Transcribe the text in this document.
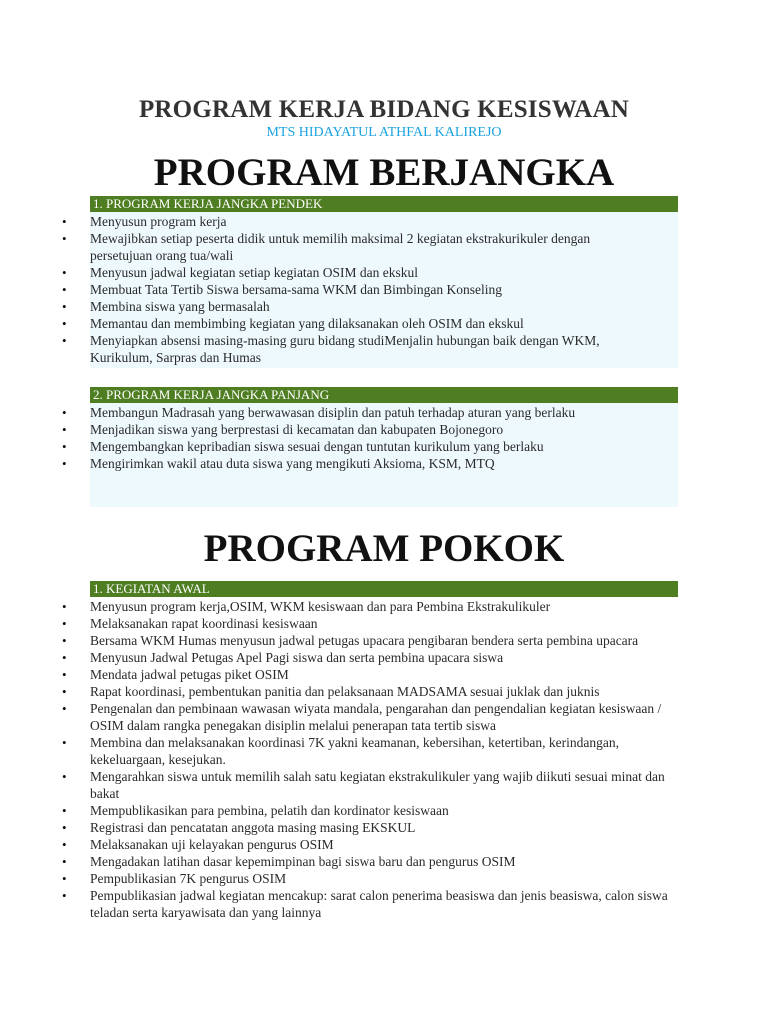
PROGRAM KERJA BIDANG KESISWAAN
MTS HIDAYATUL ATHFAL KALIREJO
PROGRAM BERJANGKA
1. PROGRAM KERJA JANGKA PENDEK
• Menyusun program kerja
• Mewajibkan setiap peserta didik untuk memilih maksimal 2 kegiatan ekstrakurikuler dengan persetujuan orang tua/wali
• Menyusun jadwal kegiatan setiap kegiatan OSIM dan ekskul
• Membuat Tata Tertib Siswa bersama-sama WKM dan Bimbingan Konseling
• Membina siswa yang bermasalah
• Memantau dan membimbing kegiatan yang dilaksanakan oleh OSIM dan ekskul
• Menyiapkan absensi masing-masing guru bidang studiMenjalin hubungan baik dengan WKM, Kurikulum, Sarpras dan Humas
2. PROGRAM KERJA JANGKA PANJANG
• Membangun Madrasah yang berwawasan disiplin dan patuh terhadap aturan yang berlaku
• Menjadikan siswa yang berprestasi di kecamatan dan kabupaten Bojonegoro
• Mengembangkan kepribadian siswa sesuai dengan tuntutan kurikulum yang berlaku
• Mengirimkan wakil atau duta siswa yang mengikuti Aksioma, KSM, MTQ
PROGRAM POKOK
1. KEGIATAN AWAL
• Menyusun program kerja,OSIM, WKM kesiswaan dan para Pembina Ekstrakulikuler
• Melaksanakan rapat koordinasi kesiswaan
• Bersama WKM Humas menyusun jadwal petugas upacara pengibaran bendera serta pembina upacara
• Menyusun Jadwal Petugas Apel Pagi siswa dan serta pembina upacara siswa
• Mendata jadwal petugas piket OSIM
• Rapat koordinasi, pembentukan panitia dan pelaksanaan MADSAMA sesuai juklak dan juknis
• Pengenalan dan pembinaan wawasan wiyata mandala, pengarahan dan pengendalian kegiatan kesiswaan / OSIM dalam rangka penegakan disiplin melalui penerapan tata tertib siswa
• Membina dan melaksanakan koordinasi 7K yakni keamanan, kebersihan, ketertiban, kerindangan, kekeluargaan, kesejukan.
• Mengarahkan siswa untuk memilih salah satu kegiatan ekstrakulikuler yang wajib diikuti sesuai minat dan bakat
• Mempublikasikan para pembina, pelatih dan kordinator kesiswaan
• Registrasi dan pencatatan anggota masing masing EKSKUL
• Melaksanakan uji kelayakan pengurus OSIM
• Mengadakan latihan dasar kepemimpinan bagi siswa baru dan pengurus OSIM
• Pempublikasian 7K pengurus OSIM
• Pempublikasian jadwal kegiatan mencakup: sarat calon penerima beasiswa dan jenis beasiswa, calon siswa teladan serta karyawisata dan yang lainnya
